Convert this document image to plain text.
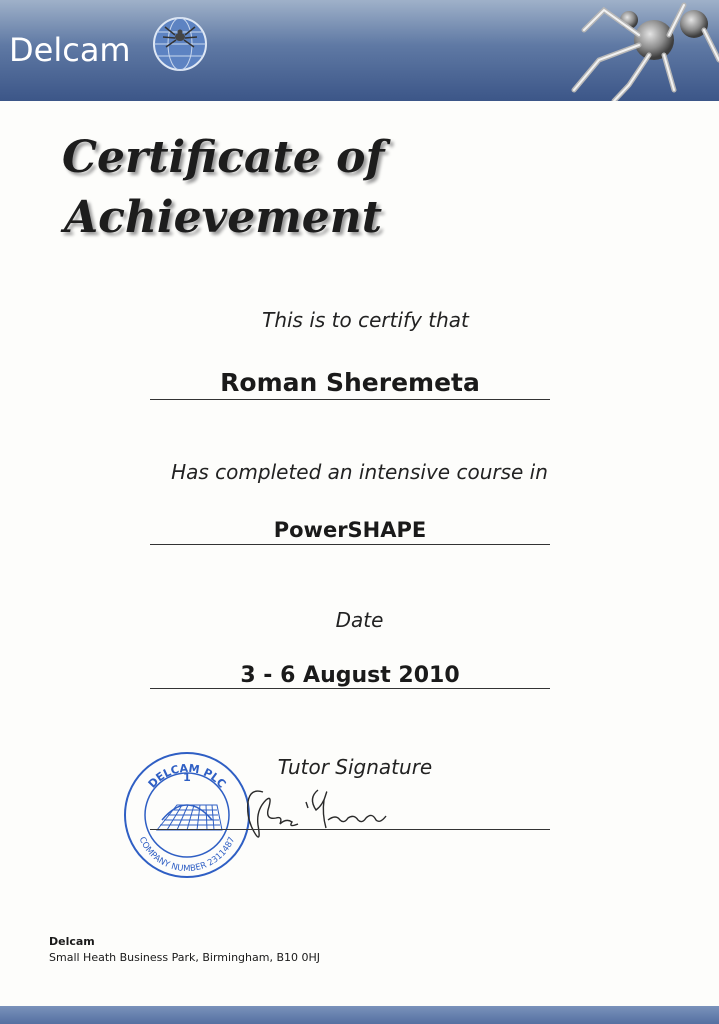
Delcam
Certificate of
Achievement
This is to certify that
Roman Sheremeta
Has completed an intensive course in
PowerSHAPE
Date
3 - 6 August 2010
Tutor Signature
DELCAM PLC
1
COMPANY NUMBER 2311487
Delcam
Small Heath Business Park, Birmingham, B10 0HJ
